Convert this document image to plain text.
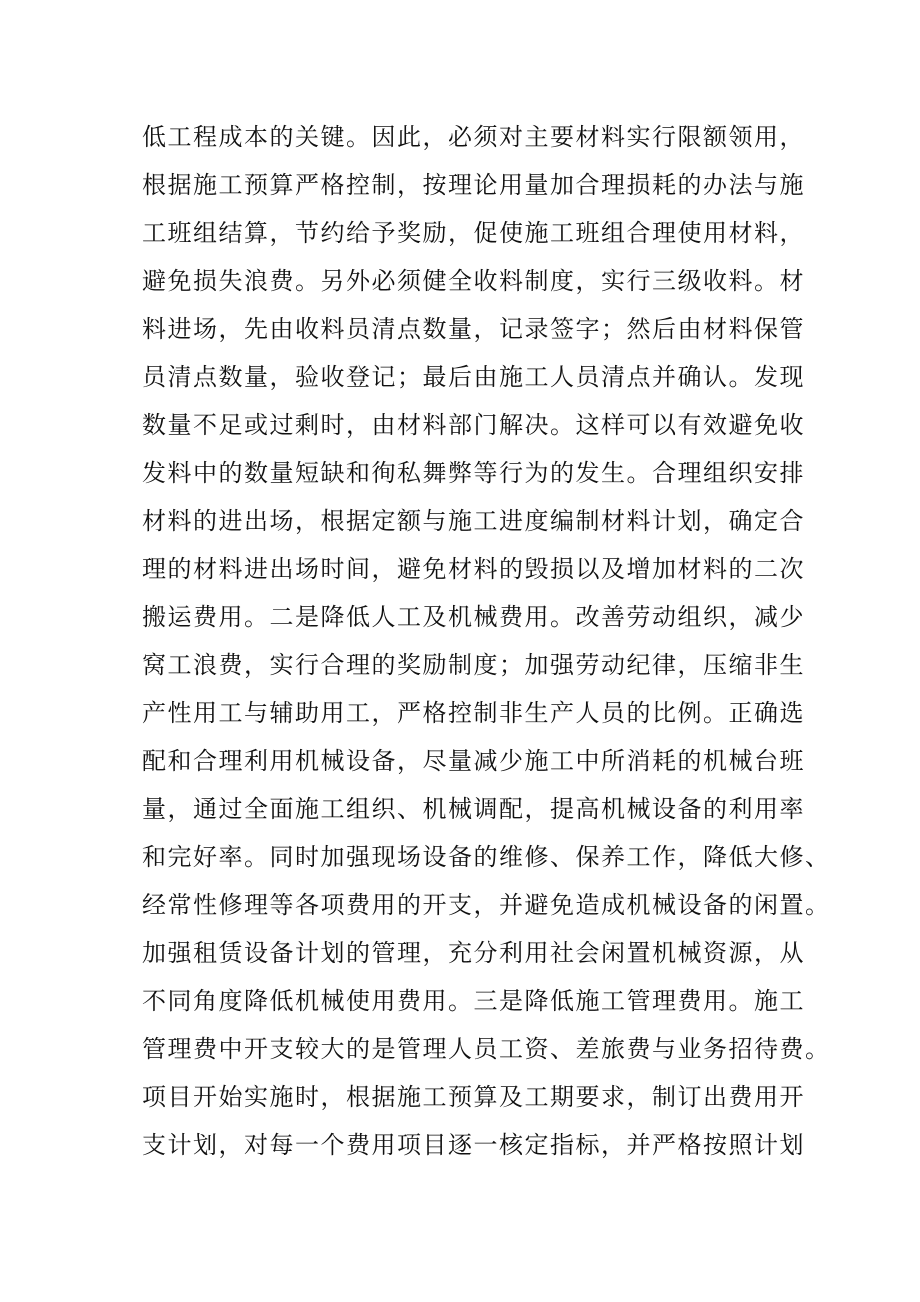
低工程成本的关键。因此，必须对主要材料实行限额领用，
根据施工预算严格控制，按理论用量加合理损耗的办法与施
工班组结算，节约给予奖励，促使施工班组合理使用材料，
避免损失浪费。另外必须健全收料制度，实行三级收料。材
料进场，先由收料员清点数量，记录签字；然后由材料保管
员清点数量，验收登记；最后由施工人员清点并确认。发现
数量不足或过剩时，由材料部门解决。这样可以有效避免收
发料中的数量短缺和徇私舞弊等行为的发生。合理组织安排
材料的进出场，根据定额与施工进度编制材料计划，确定合
理的材料进出场时间，避免材料的毁损以及增加材料的二次
搬运费用。二是降低人工及机械费用。改善劳动组织，减少
窝工浪费，实行合理的奖励制度；加强劳动纪律，压缩非生
产性用工与辅助用工，严格控制非生产人员的比例。正确选
配和合理利用机械设备，尽量减少施工中所消耗的机械台班
量，通过全面施工组织、机械调配，提高机械设备的利用率
和完好率。同时加强现场设备的维修、保养工作，降低大修、
经常性修理等各项费用的开支，并避免造成机械设备的闲置。
加强租赁设备计划的管理，充分利用社会闲置机械资源，从
不同角度降低机械使用费用。三是降低施工管理费用。施工
管理费中开支较大的是管理人员工资、差旅费与业务招待费。
项目开始实施时，根据施工预算及工期要求，制订出费用开
支计划，对每一个费用项目逐一核定指标，并严格按照计划
